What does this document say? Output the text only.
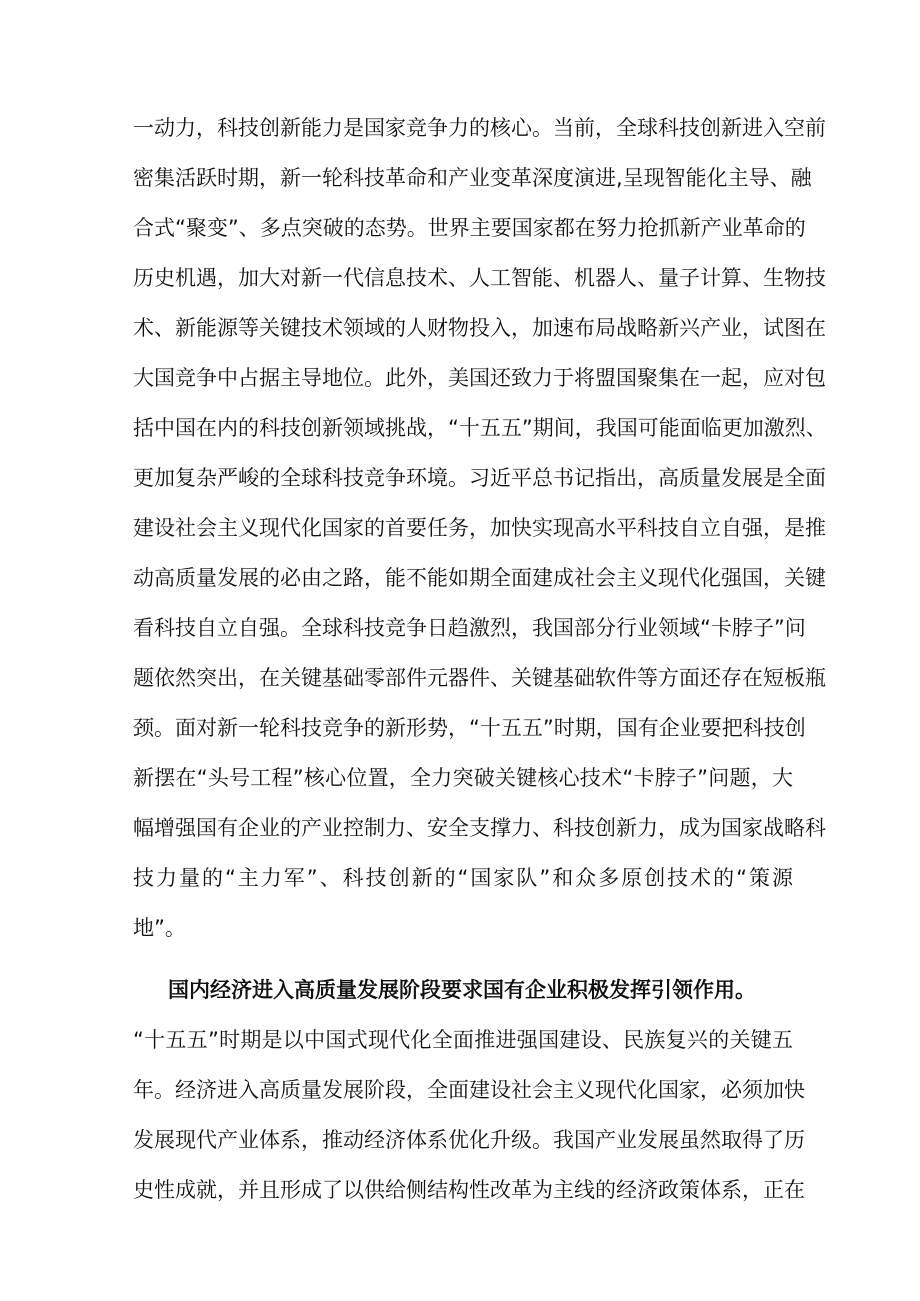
一动力，科技创新能力是国家竞争力的核心。当前，全球科技创新进入空前
密集活跃时期，新一轮科技革命和产业变革深度演进,呈现智能化主导、融
合式“聚变”、多点突破的态势。世界主要国家都在努力抢抓新产业革命的
历史机遇，加大对新一代信息技术、人工智能、机器人、量子计算、生物技
术、新能源等关键技术领域的人财物投入，加速布局战略新兴产业，试图在
大国竞争中占据主导地位。此外，美国还致力于将盟国聚集在一起，应对包
括中国在内的科技创新领域挑战，“十五五”期间，我国可能面临更加激烈、
更加复杂严峻的全球科技竞争环境。习近平总书记指出，高质量发展是全面
建设社会主义现代化国家的首要任务，加快实现高水平科技自立自强，是推
动高质量发展的必由之路，能不能如期全面建成社会主义现代化强国，关键
看科技自立自强。全球科技竞争日趋激烈，我国部分行业领域“卡脖子”问
题依然突出，在关键基础零部件元器件、关键基础软件等方面还存在短板瓶
颈。面对新一轮科技竞争的新形势，“十五五”时期，国有企业要把科技创
新摆在“头号工程”核心位置，全力突破关键核心技术“卡脖子”问题，大
幅增强国有企业的产业控制力、安全支撑力、科技创新力，成为国家战略科
技力量的“主力军”、科技创新的“国家队”和众多原创技术的“策源
地”。
国内经济进入高质量发展阶段要求国有企业积极发挥引领作用。
“十五五”时期是以中国式现代化全面推进强国建设、民族复兴的关键五
年。经济进入高质量发展阶段，全面建设社会主义现代化国家，必须加快
发展现代产业体系，推动经济体系优化升级。我国产业发展虽然取得了历
史性成就，并且形成了以供给侧结构性改革为主线的经济政策体系，正在
